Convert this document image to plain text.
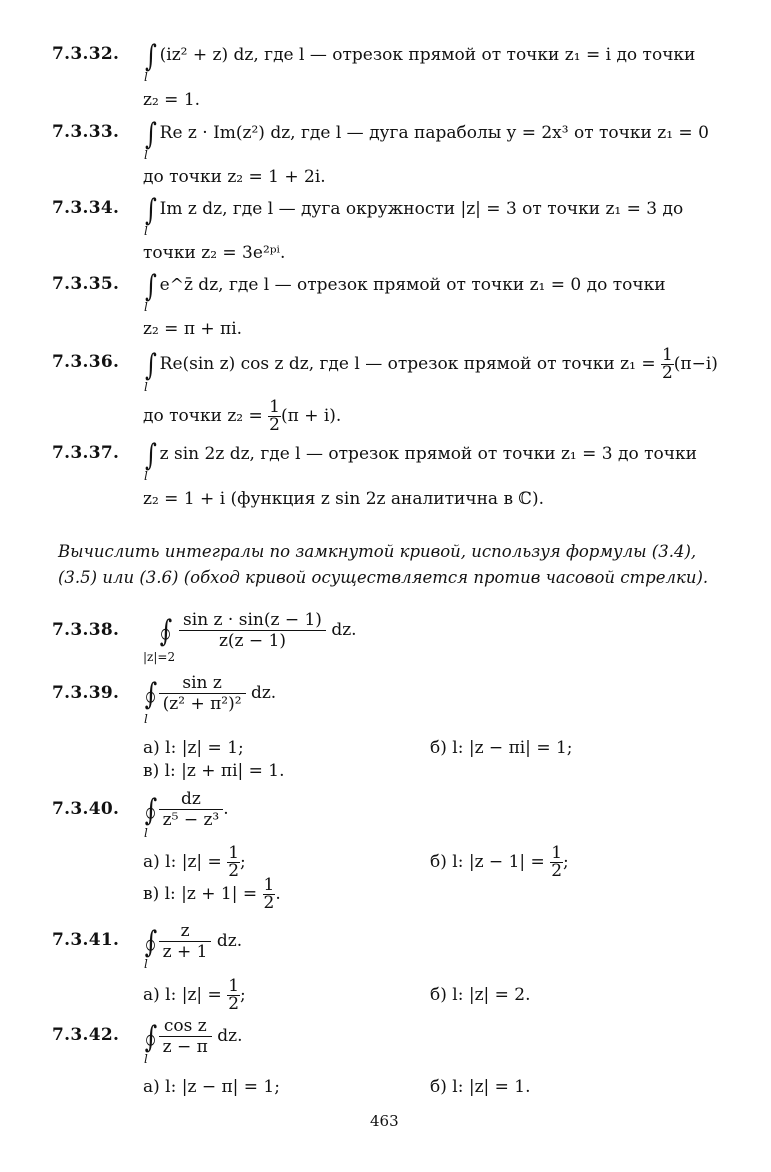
7.3.32. ∫ (iz² + z) dz, где l — отрезок прямой от точки z₁ = i до точки
l
z₂ = 1.
7.3.33. ∫ Re z · Im(z²) dz, где l — дуга параболы y = 2x³ от точки z₁ = 0
l
до точки z₂ = 1 + 2i.
7.3.34. ∫ Im z dz, где l — дуга окружности |z| = 3 от точки z₁ = 3 до
l
точки z₂ = 3e²ᵖⁱ.
7.3.35. ∫ e^z̄ dz, где l — отрезок прямой от точки z₁ = 0 до точки
l
z₂ = π + πi.
7.3.36. ∫ Re(sin z) cos z dz, где l — отрезок прямой от точки $z_1 = \frac{1}{2} (\pi-i)$
l
до точки $z_2 = \frac{1}{2} (\pi + i)$.
7.3.37. ∫ z sin 2z dz, где l — отрезок прямой от точки z₁ = 3 до точки
l
z₂ = 1 + i (функция z sin 2z аналитична в ℂ).
Вычислить интегралы по замкнутой кривой, используя формулы (3.4),
(3.5) или (3.6) (обход кривой осуществляется против часовой стрелки).
7.3.38. ∫ $\frac{\text{sin z · sin(z − 1)}}{z(z - 1)}$ dz.
|z|=2
7.3.39. ∫ $\frac{\text{sin z}}{\text{(z² + π²)²}}$ dz.
l
а) l: |z| = 1;	б) l: |z − πi| = 1;
в) l: |z + πi| = 1.
7.3.40. ∫ $\frac{dz}{\text{z⁵ − z³}}$ .
l
а) l: $|z| = \frac{1}{2}$ ;	б) l: $|z - 1| = \frac{1}{2}$ ;
в) l: $|z + 1| = \frac{1}{2}$ .
7.3.41. ∫ $\frac{z}{z + 1}$ dz.
l
а) l: $|z| = \frac{1}{2}$ ;	б) l: |z| = 2.
7.3.42. ∫ $\frac{\text{cos z}}{z - \pi}$ dz.
l
а) l: |z − π| = 1;	б) l: |z| = 1.
463
